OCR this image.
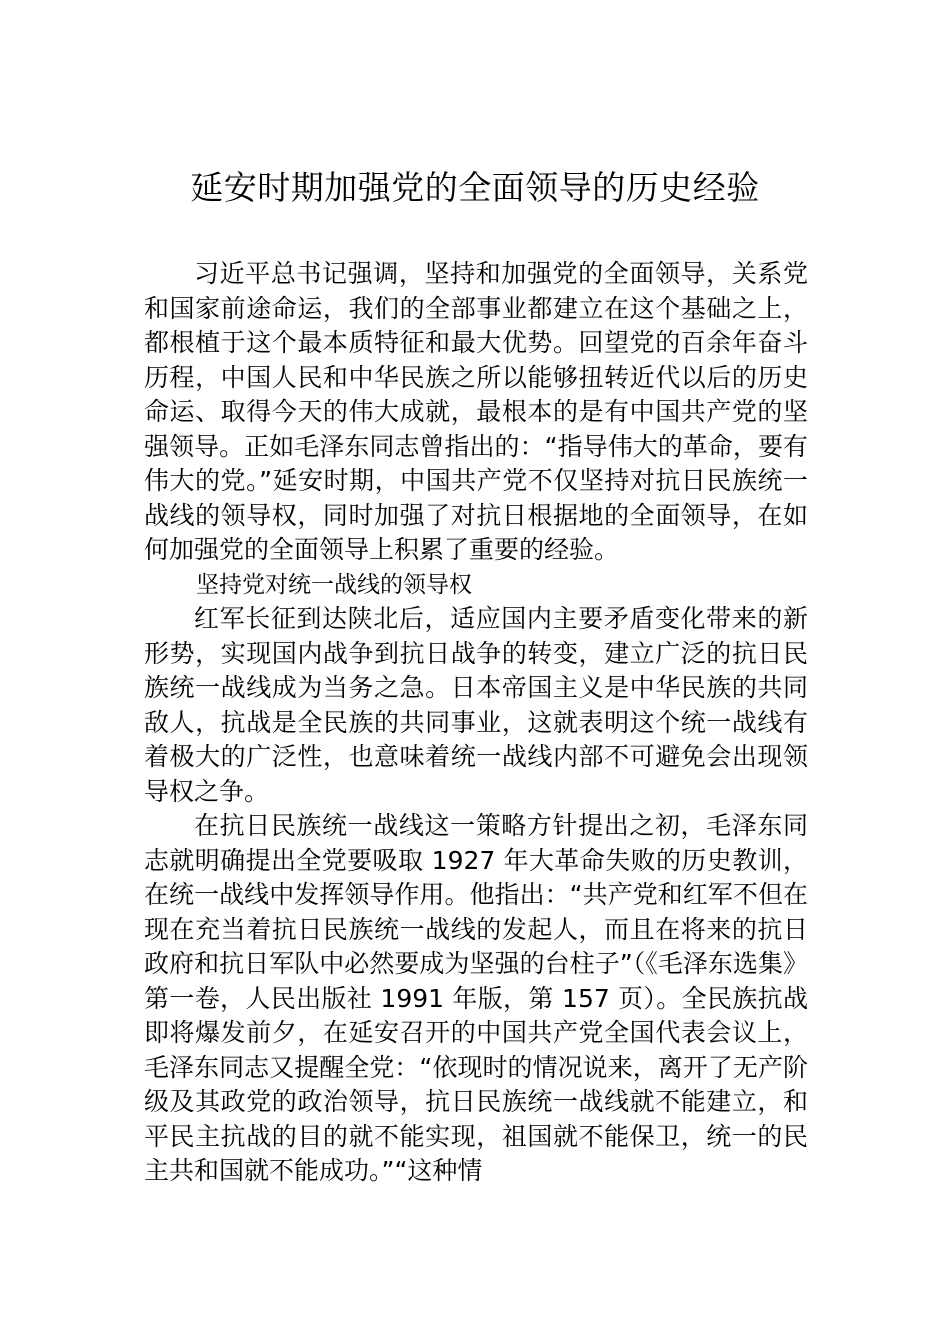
延安时期加强党的全面领导的历史经验

习近平总书记强调，坚持和加强党的全面领导，关系党和国家前途命运，我们的全部事业都建立在这个基础之上，都根植于这个最本质特征和最大优势。回望党的百余年奋斗历程，中国人民和中华民族之所以能够扭转近代以后的历史命运、取得今天的伟大成就，最根本的是有中国共产党的坚强领导。正如毛泽东同志曾指出的：“指导伟大的革命，要有伟大的党。”延安时期，中国共产党不仅坚持对抗日民族统一战线的领导权，同时加强了对抗日根据地的全面领导，在如何加强党的全面领导上积累了重要的经验。

坚持党对统一战线的领导权

红军长征到达陕北后，适应国内主要矛盾变化带来的新形势，实现国内战争到抗日战争的转变，建立广泛的抗日民族统一战线成为当务之急。日本帝国主义是中华民族的共同敌人，抗战是全民族的共同事业，这就表明这个统一战线有着极大的广泛性，也意味着统一战线内部不可避免会出现领导权之争。

在抗日民族统一战线这一策略方针提出之初，毛泽东同志就明确提出全党要吸取 1927 年大革命失败的历史教训，在统一战线中发挥领导作用。他指出：“共产党和红军不但在现在充当着抗日民族统一战线的发起人，而且在将来的抗日政府和抗日军队中必然要成为坚强的台柱子”（《毛泽东选集》第一卷，人民出版社 1991 年版，第 157 页）。全民族抗战即将爆发前夕，在延安召开的中国共产党全国代表会议上，毛泽东同志又提醒全党：“依现时的情况说来，离开了无产阶级及其政党的政治领导，抗日民族统一战线就不能建立，和平民主抗战的目的就不能实现，祖国就不能保卫，统一的民主共和国就不能成功。”“这种情
